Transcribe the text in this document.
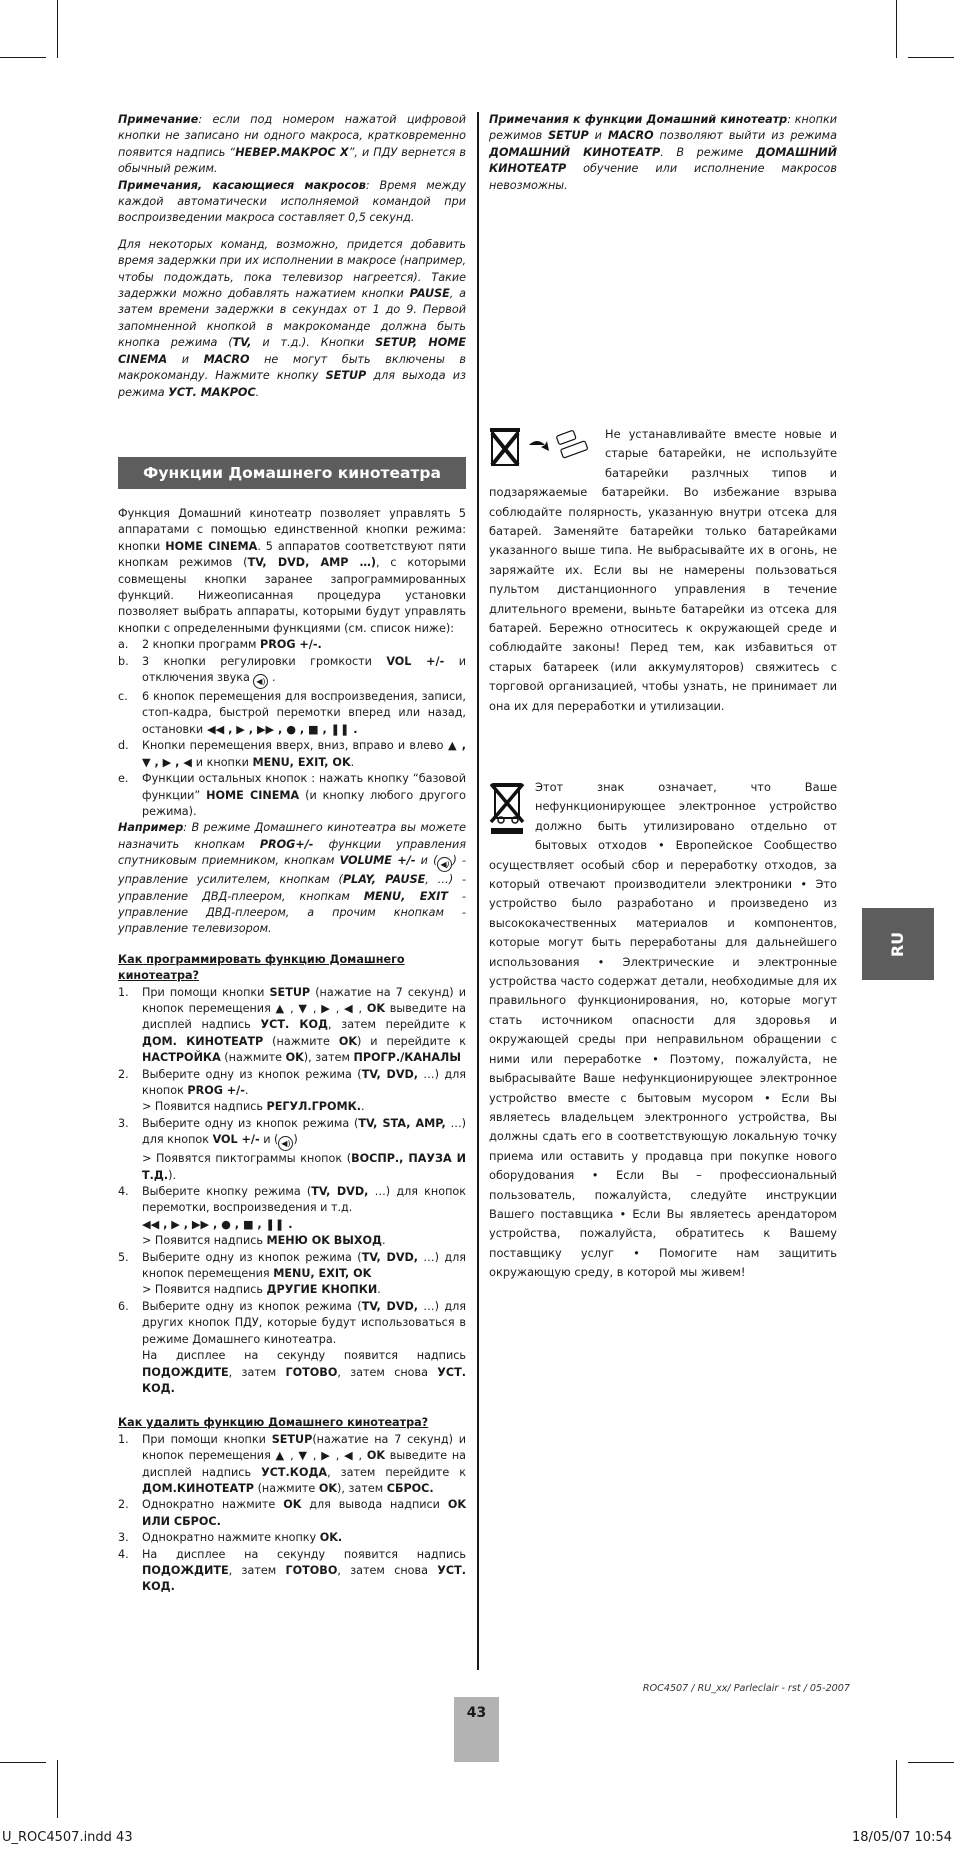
Примечание: если под номером нажатой цифровой кнопки не записано ни одного макроса, кратковременно появится надпись “НЕВЕР.МАКРОС X”, и ПДУ вернется в обычный режим.

Примечания, касающиеся макросов: Время между каждой автоматически исполняемой командой при воспроизведении макроса составляет 0,5 секунд.

Для некоторых команд, возможно, придется добавить время задержки при их исполнении в макросе (например, чтобы подождать, пока телевизор нагреется). Такие задержки можно добавлять нажатием кнопки PAUSE, а затем времени задержки в секундах от 1 до 9. Первой запомненной кнопкой в макрокоманде должна быть кнопка режима (TV, и т.д.). Кнопки SETUP, HOME CINEMA и MACRO не могут быть включены в макрокоманду. Нажмите кнопку SETUP для выхода из режима УСТ. МАКРОС.

Функции Домашнего кинотеатра

Функция Домашний кинотеатр позволяет управлять 5 аппаратами с помощью единственной кнопки режима: кнопки HOME CINEMA. 5 аппаратов соответствуют пяти кнопкам режимов (TV, DVD, AMP …), с которыми совмещены кнопки заранее запрограммированных функций. Нижеописанная процедура установки позволяет выбрать аппараты, которыми будут управлять кнопки с определенными функциями (см. список ниже):

a.	2 кнопки программ PROG +/-.
b.	3 кнопки регулировки громкости VOL +/- и отключения звука ◀) .
c.	6 кнопок перемещения для воспроизведения, записи, стоп-кадра, быстрой перемотки вперед или назад, остановки ◀◀ , ▶ , ▶▶ , ● , ■ , ❚❚ .
d.	Кнопки перемещения вверх, вниз, вправо и влево ▲ , ▼ , ▶ , ◀ и кнопки MENU, EXIT, OK.
e.	Функции остальных кнопок : нажать кнопку “базовой функции” HOME CINEMA (и кнопку любого другого режима).

Например: В режиме Домашнего кинотеатра вы можете назначить кнопкам PROG+/- функции управления спутниковым приемником, кнопкам VOLUME +/- и ( ◀) ) - управление усилителем, кнопкам (PLAY, PAUSE, …) - управление ДВД-плеером, кнопкам MENU, EXIT - управление ДВД-плеером, а прочим кнопкам - управление телевизором.

Как программировать функцию Домашнего кинотеатра?

1.	При помощи кнопки SETUP (нажатие на 7 секунд) и кнопок перемещения ▲ , ▼ , ▶ , ◀ , OK выведите на дисплей надпись УСТ. КОД, затем перейдите к ДОМ. КИНОТЕАТР (нажмите OK) и перейдите к НАСТРОЙКА (нажмите OK), затем ПРОГР./КАНАЛЫ
2.	Выберите одну из кнопок режима (TV, DVD, …) для кнопок PROG +/-.
> Появится надпись РЕГУЛ.ГРОМК..
3.	Выберите одну из кнопок режима (TV, STA, AMP, …) для кнопок VOL +/- и ( ◀) )
> Появятся пиктограммы кнопок (ВОСПР., ПАУЗА И Т.Д.).
4.	Выберите кнопку режима (TV, DVD, …) для кнопок перемотки, воспроизведения и т.д.
◀◀ , ▶ , ▶▶ , ● , ■ , ❚❚ .
> Появится надпись МЕНЮ OK ВЫХОД.
5.	Выберите одну из кнопок режима (TV, DVD, …) для кнопок перемещения MENU, EXIT, OK
> Появится надпись ДРУГИЕ КНОПКИ.
6.	Выберите одну из кнопок режима (TV, DVD, …) для других кнопок ПДУ, которые будут использоваться в режиме Домашнего кинотеатра.
На дисплее на секунду появится надпись ПОДОЖДИТЕ, затем ГОТОВО, затем снова УСТ. КОД.

Как удалить функцию Домашнего кинотеатра?

1.	При помощи кнопки SETUP(нажатие на 7 секунд) и кнопок перемещения ▲ , ▼ , ▶ , ◀ , OK выведите на дисплей надпись УСТ.КОДА, затем перейдите к ДОМ.КИНОТЕАТР (нажмите OK), затем СБРОС.
2.	Однократно нажмите OK для вывода надписи OK ИЛИ СБРОС.
3.	Однократно нажмите кнопку OK.
4.	На дисплее на секунду появится надпись ПОДОЖДИТЕ, затем ГОТОВО, затем снова УСТ. КОД.

Примечания к функции Домашний кинотеатр: кнопки режимов SETUP и MACRO позволяют выйти из режима ДОМАШНИЙ КИНОТЕАТР. В режиме ДОМАШНИЙ КИНОТЕАТР обучение или исполнение макросов невозможны.

Не устанавливайте вместе новые и старые батарейки, не используйте батарейки разлчных типов и подзаряжаемые батарейки. Во избежание взрыва соблюдайте полярность, указанную внутри отсека для батарей. Заменяйте батарейки только батарейками указанного выше типа. Не выбрасывайте их в огонь, не заряжайте их. Если вы не намерены пользоваться пультом дистанционного управления в течение длительного времени, выньте батарейки из отсека для батарей. Бережно относитесь к окружающей среде и соблюдайте законы! Перед тем, как избавиться от старых батареек (или аккумуляторов) свяжитесь с торговой организацией, чтобы узнать, не принимает ли она их для переработки и утилизации.
Этот знак означает, что Ваше нефункционирующее электронное устройство должно быть утилизировано отдельно от бытовых отходов • Европейское Сообщество осуществляет особый сбор и переработку отходов, за который отвечают производители электроники • Это устройство было разработано и произведено из высококачественных материалов и компонентов, которые могут быть переработаны для дальнейшего использования • Электрические и электронные устройства часто содержат детали, необходимые для их правильного функционирования, но, которые могут стать источником опасности для здоровья и окружающей среды при неправильном обращении с ними или переработке • Поэтому, пожалуйста, не выбрасывайте Ваше нефункционирующее электронное устройство вместе с бытовым мусором • Если Вы являетесь владельцем электронного устройства, Вы должны сдать его в соответствующую локальную точку приема или оставить у продавца при покупке нового оборудования • Если Вы – профессиональный пользователь, пожалуйста, следуйте инструкции Вашего поставщика • Если Вы являетесь арендатором устройства, пожалуйста, обратитесь к Вашему поставщику услуг • Помогите нам защитить окружающую среду, в которой мы живем!
RU
ROC4507 / RU_xx/ Parleclair - rst / 05-2007
43
U_ROC4507.indd 43	18/05/07 10:54
